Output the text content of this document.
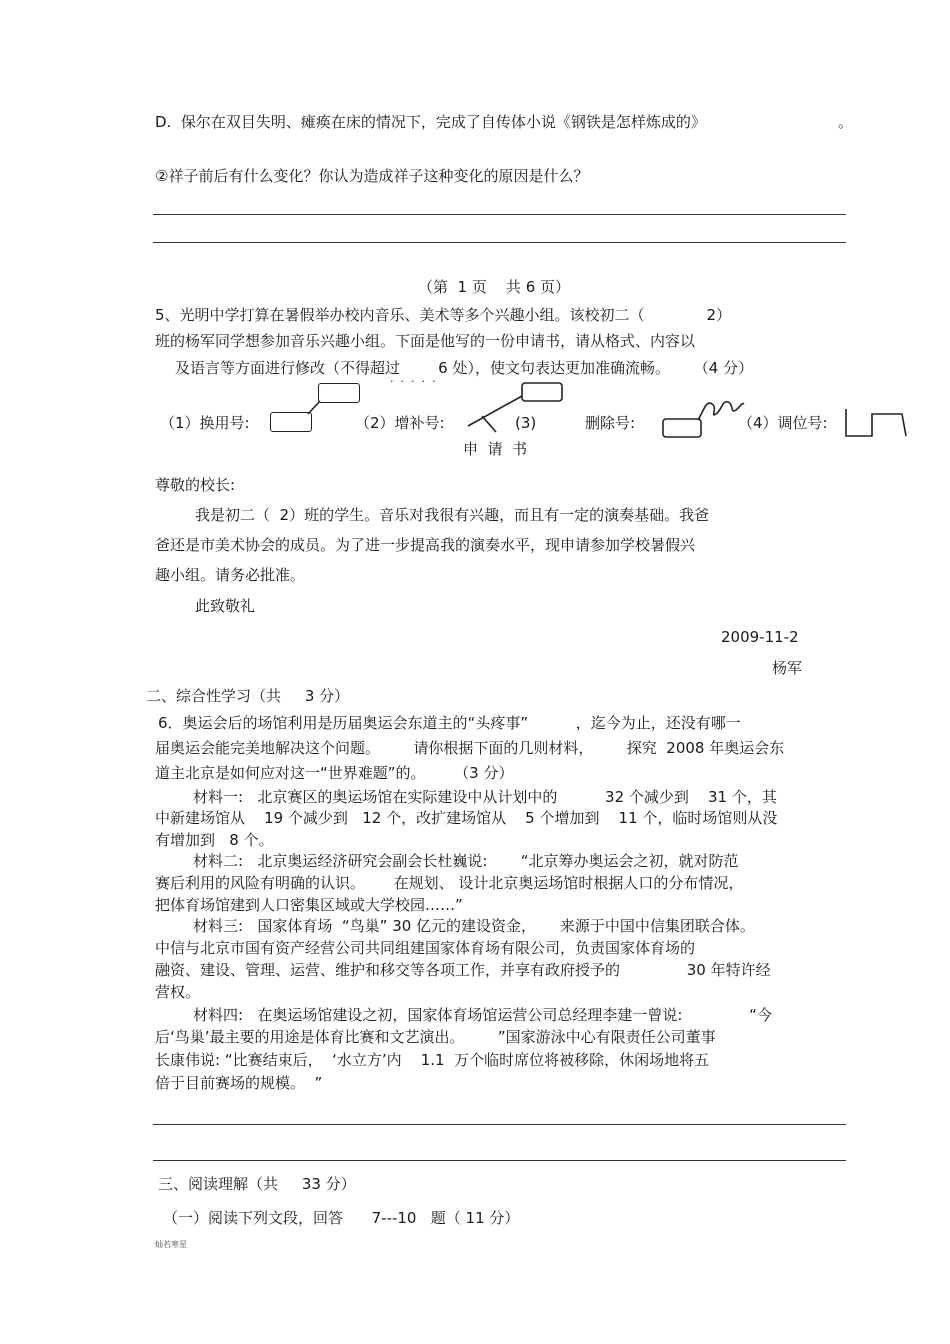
D.  保尔在双目失明、瘫痪在床的情况下，完成了自传体小说《钢铁是怎样炼成的》	。
②祥子前后有什么变化？你认为造成祥子这种变化的原因是什么？
（第  1 页    共 6 页）
5、光明中学打算在暑假举办校内音乐、美术等多个兴趣小组。该校初二（             2）
班的杨军同学想参加音乐兴趣小组。下面是他写的一份申请书，请从格式、内容以
及语言等方面进行修改（不得超过        6 处），使文句表达更加准确流畅。     （4 分）
·  ·  ·  ·  ·
（1）换用号:	（2）增补号:	(3)	删除号:	（4）调位号:
申  请  书
尊敬的校长:
我是初二（  2）班的学生。音乐对我很有兴趣，而且有一定的演奏基础。我爸
爸还是市美术协会的成员。为了进一步提高我的演奏水平，现申请参加学校暑假兴
趣小组。请务必批准。
此致敬礼
2009-11-2
杨军
二、综合性学习（共     3 分）
6．奥运会后的场馆利用是历届奥运会东道主的“头疼事”          ，迄今为止，还没有哪一
届奥运会能完美地解决这个问题。       请你根据下面的几则材料，       探究  2008 年奥运会东
道主北京是如何应对这一“世界难题”的。      （3 分）
材料一:   北京赛区的奥运场馆在实际建设中从计划中的          32 个减少到    31 个，其
中新建场馆从    19 个减少到   12 个，改扩建场馆从    5 个增加到    11 个，临时场馆则从没
有增加到   8 个。
材料二:   北京奥运经济研究会副会长杜巍说:       “北京筹办奥运会之初，就对防范
赛后利用的风险有明确的认识。      在规划、 设计北京奥运场馆时根据人口的分布情况，
把体育场馆建到人口密集区域或大学校园……”
材料三:   国家体育场  “鸟巢” 30 亿元的建设资金，     来源于中国中信集团联合体。
中信与北京市国有资产经营公司共同组建国家体育场有限公司，负责国家体育场的
融资、建设、管理、运营、维护和移交等各项工作，并享有政府授予的              30 年特许经
营权。
材料四:   在奥运场馆建设之初，国家体育场馆运营公司总经理李建一曾说:              “今
后‘鸟巢’最主要的用途是体育比赛和文艺演出。       ”国家游泳中心有限责任公司董事
长康伟说: “比赛结束后，  ‘水立方’内    1.1  万个临时席位将被移除，休闲场地将五
倍于目前赛场的规模。  ”
三、阅读理解（共     33 分）
（一）阅读下列文段，回答      7---10   题（ 11 分）
灿若寒星
